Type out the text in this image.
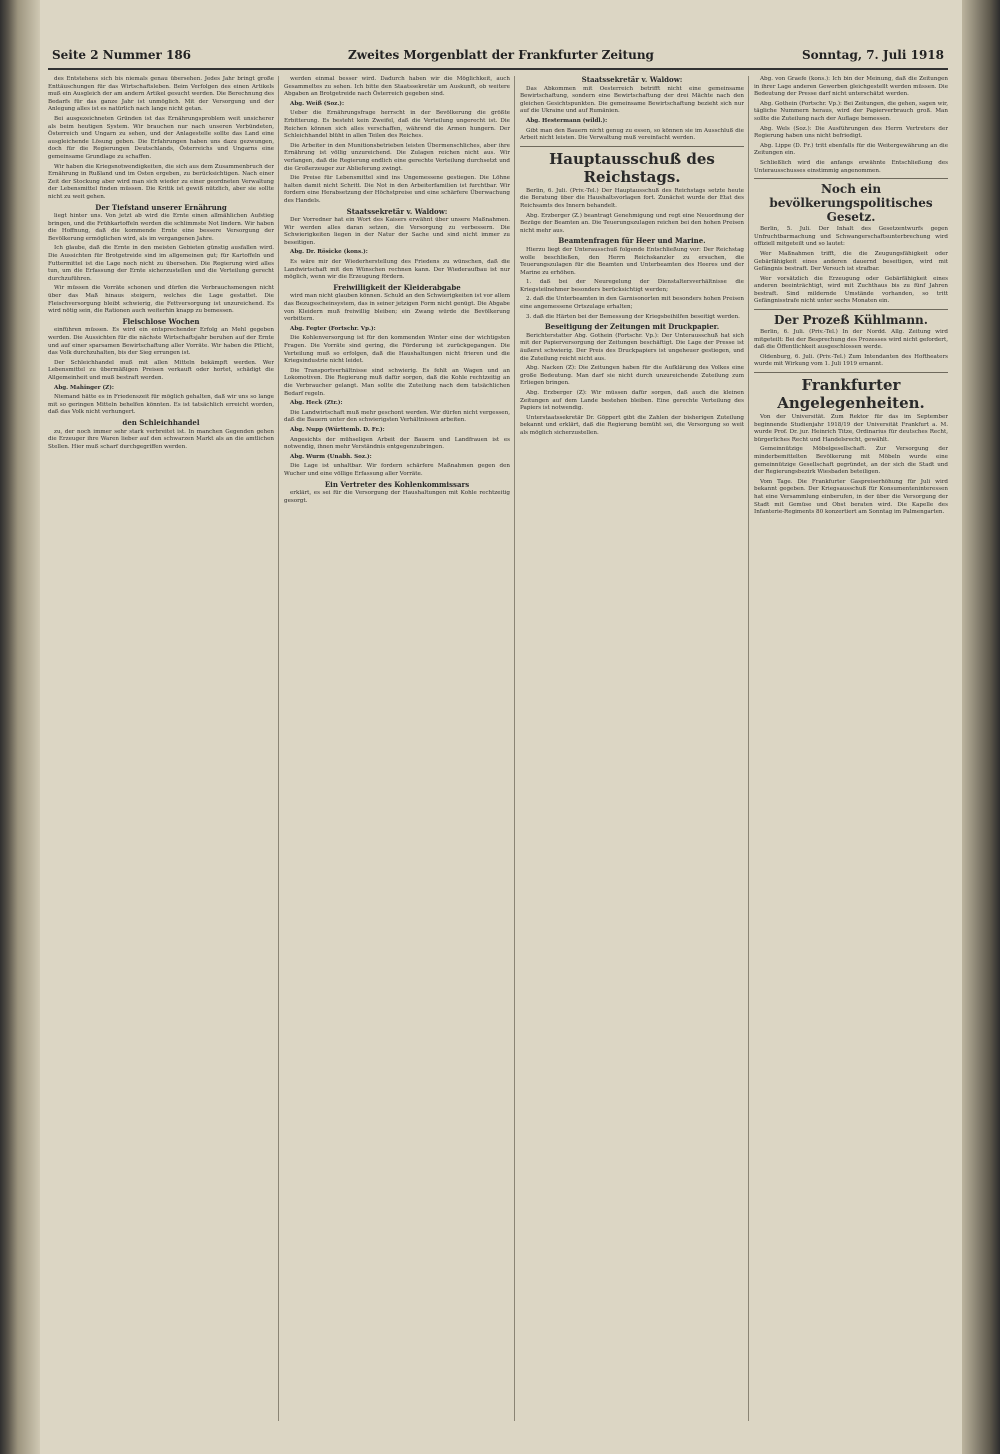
Seite 2 Nummer 186	Zweites Morgenblatt der Frankfurter Zeitung	Sonntag, 7. Juli 1918

des Entstehens sich bis niemals genau übersehen. Jedes Jahr bringt große Enttäuschungen für das Wirtschaftsleben. Beim Verfolgen des einen Artikels muß ein Ausgleich der am andern Artikel gesucht werden. Die Berechnung des Bedarfs für das ganze Jahr ist unmöglich. Mit der Versorgung und der Anlegung alles ist es natürlich nach lange nicht getan.

Bei ausgezeichneten Gründen ist das Ernährungsproblem weit unsicherer als beim heutigen System. Wir brauchen nur nach unseren Verbündeten, Österreich und Ungarn zu sehen, und der Anlagestelle sollte das Land eine ausgleichende Lösung geben. Die Erfahrungen haben uns dazu gezwungen, doch für die Regierungen Deutschlands, Österreichs und Ungarns eine gemeinsame Grundlage zu schaffen.

Wir haben die Kriegsnotwendigkeiten, die sich aus dem Zusammenbruch der Ernährung in Rußland und im Osten ergeben, zu berücksichtigen. Nach einer Zeit der Stockung aber wird man sich wieder zu einer geordneten Verwaltung der Lebensmittel finden müssen. Die Kritik ist gewiß nützlich, aber sie sollte nicht zu weit gehen.

Der Tiefstand unserer Ernährung

liegt hinter uns. Von jetzt ab wird die Ernte einen allmählichen Aufstieg bringen, und die Frühkartoffeln werden die schlimmste Not lindern. Wir haben die Hoffnung, daß die kommende Ernte eine bessere Versorgung der Bevölkerung ermöglichen wird, als im vergangenen Jahre.

Ich glaube, daß die Ernte in den meisten Gebieten günstig ausfallen wird. Die Aussichten für Brotgetreide sind im allgemeinen gut; für Kartoffeln und Futtermittel ist die Lage noch nicht zu übersehen. Die Regierung wird alles tun, um die Erfassung der Ernte sicherzustellen und die Verteilung gerecht durchzuführen.

Wir müssen die Vorräte schonen und dürfen die Verbrauchsmengen nicht über das Maß hinaus steigern, welches die Lage gestattet. Die Fleischversorgung bleibt schwierig, die Fettversorgung ist unzureichend. Es wird nötig sein, die Rationen auch weiterhin knapp zu bemessen.

Fleischlose Wochen

einführen müssen. Es wird ein entsprechender Erfolg an Mehl gegeben werden. Die Aussichten für die nächste Wirtschaftsjahr beruhen auf der Ernte und auf einer sparsamen Bewirtschaftung aller Vorräte. Wir haben die Pflicht, das Volk durchzuhalten, bis der Sieg errungen ist.

Der Schleichhandel muß mit allen Mitteln bekämpft werden. Wer Lebensmittel zu übermäßigen Preisen verkauft oder hortet, schädigt die Allgemeinheit und muß bestraft werden.

Abg. Mahinger (Z):

Niemand hätte es in Friedenszeit für möglich gehalten, daß wir uns so lange mit so geringen Mitteln behelfen könnten. Es ist tatsächlich erreicht worden, daß das Volk nicht verhungert.

den Schleichhandel

zu, der noch immer sehr stark verbreitet ist. In manchen Gegenden gehen die Erzeuger ihre Waren lieber auf den schwarzen Markt als an die amtlichen Stellen. Hier muß scharf durchgegriffen werden.

werden einmal besser wird. Dadurch haben wir die Möglichkeit, auch Gesammeltes zu sehen. Ich bitte den Staatssekretär um Auskunft, ob weitere Abgaben an Brotgetreide nach Österreich gegeben sind.

Abg. Weiß (Soz.):

Ueber die Ernährungsfrage herrscht in der Bevölkerung die größte Erbitterung. Es besteht kein Zweifel, daß die Verteilung ungerecht ist. Die Reichen können sich alles verschaffen, während die Armen hungern. Der Schleichhandel blüht in allen Teilen des Reiches.

Die Arbeiter in den Munitionsbetrieben leisten Übermenschliches, aber ihre Ernährung ist völlig unzureichend. Die Zulagen reichen nicht aus. Wir verlangen, daß die Regierung endlich eine gerechte Verteilung durchsetzt und die Großerzeuger zur Ablieferung zwingt.

Die Preise für Lebensmittel sind ins Ungemessene gestiegen. Die Löhne halten damit nicht Schritt. Die Not in den Arbeiterfamilien ist furchtbar. Wir fordern eine Herabsetzung der Höchstpreise und eine schärfere Überwachung des Handels.

Staatssekretär v. Waldow:

Der Vorredner hat ein Wort des Kaisers erwähnt über unsere Maßnahmen. Wir werden alles daran setzen, die Versorgung zu verbessern. Die Schwierigkeiten liegen in der Natur der Sache und sind nicht immer zu beseitigen.

Abg. Dr. Rösicke (kons.):

Es wäre mir der Wiederherstellung des Friedens zu wünschen, daß die Landwirtschaft mit den Wünschen rechnen kann. Der Wiederaufbau ist nur möglich, wenn wir die Erzeugung fördern.

Freiwilligkeit der Kleiderabgabe

wird man nicht glauben können. Schuld an den Schwierigkeiten ist vor allem das Bezugsscheinsystem, das in seiner jetzigen Form nicht genügt. Die Abgabe von Kleidern muß freiwillig bleiben; ein Zwang würde die Bevölkerung verbittern.

Abg. Fegter (Fortschr. Vp.):

Die Kohlenversorgung ist für den kommenden Winter eine der wichtigsten Fragen. Die Vorräte sind gering, die Förderung ist zurückgegangen. Die Verteilung muß so erfolgen, daß die Haushaltungen nicht frieren und die Kriegsindustrie nicht leidet.

Die Transportverhältnisse sind schwierig. Es fehlt an Wagen und an Lokomotiven. Die Regierung muß dafür sorgen, daß die Kohle rechtzeitig an die Verbraucher gelangt. Man sollte die Zuteilung nach dem tatsächlichen Bedarf regeln.

Abg. Heck (Ztr.):

Die Landwirtschaft muß mehr geschont werden. Wir dürfen nicht vergessen, daß die Bauern unter den schwierigsten Verhältnissen arbeiten.

Abg. Nupp (Württemb. D. Fr.):

Angesichts der mühseligen Arbeit der Bauern und Landfrauen ist es notwendig, ihnen mehr Verständnis entgegenzubringen.

Abg. Wurm (Unabh. Soz.):

Die Lage ist unhaltbar. Wir fordern schärfere Maßnahmen gegen den Wucher und eine völlige Erfassung aller Vorräte.

Ein Vertreter des Kohlenkommissars

erklärt, es sei für die Versorgung der Haushaltungen mit Kohle rechtzeitig gesorgt.

Staatssekretär v. Waldow:

Das Abkommen mit Oesterreich betrifft nicht eine gemeinsame Bewirtschaftung, sondern eine Bewirtschaftung der drei Mächte nach den gleichen Gesichtspunkten. Die gemeinsame Bewirtschaftung bezieht sich nur auf die Ukraine und auf Rumänien.

Abg. Hestermann (wildl.):

Gibt man den Bauern nicht genug zu essen, so können sie im Ausschluß die Arbeit nicht leisten. Die Verwaltung muß vereinfacht werden.

Hauptausschuß des Reichstags.

Berlin, 6. Juli. (Priv.-Tel.) Der Hauptausschuß des Reichstags setzte heute die Beratung über die Haushaltsvorlagen fort. Zunächst wurde der Etat des Reichsamts des Innern behandelt.

Abg. Erzberger (Z.) beantragt Genehmigung und regt eine Neuordnung der Bezüge der Beamten an. Die Teuerungszulagen reichen bei den hohen Preisen nicht mehr aus.

Beamtenfragen für Heer und Marine.

Hierzu liegt der Unterausschuß folgende Entschließung vor: Der Reichstag wolle beschließen, den Herrn Reichskanzler zu ersuchen, die Teuerungszulagen für die Beamten und Unterbeamten des Heeres und der Marine zu erhöhen.

1. daß bei der Neuregelung der Dienstaltersverhältnisse die Kriegsteilnehmer besonders berücksichtigt werden;

2. daß die Unterbeamten in den Garnisonorten mit besonders hohen Preisen eine angemessene Ortszulage erhalten;

3. daß die Härten bei der Bemessung der Kriegsbeihilfen beseitigt werden.

Beseitigung der Zeitungen mit Druckpapier.

Berichterstatter Abg. Gothein (Fortschr. Vp.): Der Unterausschuß hat sich mit der Papierversorgung der Zeitungen beschäftigt. Die Lage der Presse ist äußerst schwierig. Der Preis des Druckpapiers ist ungeheuer gestiegen, und die Zuteilung reicht nicht aus.

Abg. Nacken (Z): Die Zeitungen haben für die Aufklärung des Volkes eine große Bedeutung. Man darf sie nicht durch unzureichende Zuteilung zum Erliegen bringen.

Abg. Erzberger (Z): Wir müssen dafür sorgen, daß auch die kleinen Zeitungen auf dem Lande bestehen bleiben. Eine gerechte Verteilung des Papiers ist notwendig.

Unterstaatssekretär Dr. Göppert gibt die Zahlen der bisherigen Zuteilung bekannt und erklärt, daß die Regierung bemüht sei, die Versorgung so weit als möglich sicherzustellen.

Abg. von Graefe (kons.): Ich bin der Meinung, daß die Zeitungen in ihrer Lage anderen Gewerben gleichgestellt werden müssen. Die Bedeutung der Presse darf nicht unterschätzt werden.

Abg. Gothein (Fortschr. Vp.): Bei Zeitungen, die gehen, sagen wir, tägliche Nummern heraus, wird der Papierverbrauch groß. Man sollte die Zuteilung nach der Auflage bemessen.

Abg. Wels (Soz.): Die Ausführungen des Herrn Vertreters der Regierung haben uns nicht befriedigt.

Abg. Lippe (D. Fr.) tritt ebenfalls für die Weitergewährung an die Zeitungen ein.

Schließlich wird die anfangs erwähnte Entschließung des Unterausschusses einstimmig angenommen.

Noch ein bevölkerungspolitisches Gesetz.

Berlin, 5. Juli. Der Inhalt des Gesetzentwurfs gegen Unfruchtbarmachung und Schwangerschaftsunterbrechung wird offiziell mitgeteilt und so lautet:

Wer Maßnahmen trifft, die die Zeugungsfähigkeit oder Gebärfähigkeit eines anderen dauernd beseitigen, wird mit Gefängnis bestraft. Der Versuch ist strafbar.

Wer vorsätzlich die Erzeugung oder Gebärfähigkeit eines anderen beeinträchtigt, wird mit Zuchthaus bis zu fünf Jahren bestraft. Sind mildernde Umstände vorhanden, so tritt Gefängnisstrafe nicht unter sechs Monaten ein.

Der Prozeß Kühlmann.

Berlin, 6. Juli. (Priv.-Tel.) In der Nordd. Allg. Zeitung wird mitgeteilt: Bei der Besprechung des Prozesses wird nicht gefordert, daß die Öffentlichkeit ausgeschlossen werde.

Oldenburg, 6. Juli. (Priv.-Tel.) Zum Intendanten des Hoftheaters wurde mit Wirkung vom 1. Juli 1919 ernannt.

Frankfurter Angelegenheiten.

Von der Universität. Zum Rektor für das im September beginnende Studienjahr 1918/19 der Universität Frankfurt a. M. wurde Prof. Dr. jur. Heinrich Titze, Ordinarius für deutsches Recht, bürgerliches Recht und Handelsrecht, gewählt.

Gemeinnützige Möbelgesellschaft. Zur Versorgung der minderbemittelten Bevölkerung mit Möbeln wurde eine gemeinnützige Gesellschaft gegründet, an der sich die Stadt und der Regierungsbezirk Wiesbaden beteiligen.

Vom Tage. Die Frankfurter Gaspreiserhöhung für Juli wird bekannt gegeben. Der Kriegsausschuß für Konsumenteninteressen hat eine Versammlung einberufen, in der über die Versorgung der Stadt mit Gemüse und Obst beraten wird. Die Kapelle des Infanterie-Regiments 80 konzertiert am Sonntag im Palmengarten.
